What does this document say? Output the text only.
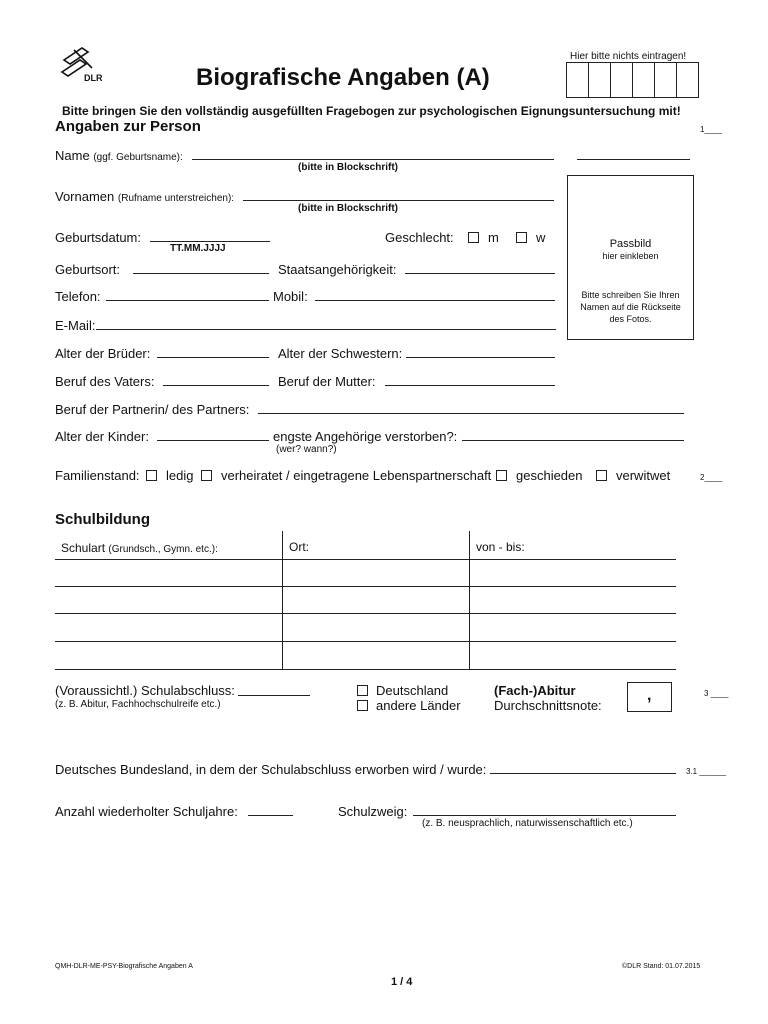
DLR	Biografische Angaben (A)
Hier bitte nichts eintragen!
Bitte bringen Sie den vollständig ausgefüllten Fragebogen zur psychologischen Eignungsuntersuchung mit!
Angaben zur Person	1____
Name (ggf. Geburtsname):
(bitte in Blockschrift)
Vornamen (Rufname unterstreichen):
(bitte in Blockschrift)
Passbild
hier einkleben
Bitte schreiben Sie Ihren Namen auf die Rückseite des Fotos.
Geburtsdatum:
TT.MM.JJJJ
Geschlecht:	m	w
Geburtsort:	Staatsangehörigkeit:
Telefon:	Mobil:
E-Mail:
Alter der Brüder:	Alter der Schwestern:
Beruf des Vaters:	Beruf der Mutter:
Beruf der Partnerin/ des Partners:
Alter der Kinder:	engste Angehörige verstorben?:
(wer? wann?)
Familienstand: ledig verheiratet / eingetragene Lebenspartnerschaft geschieden	verwitwet	2____
Schulbildung
Schulart (Grundsch., Gymn. etc.):	Ort:	von - bis:
(Voraussichtl.) Schulabschluss:
(z. B. Abitur, Fachhochschulreife etc.)
Deutschland
andere Länder
(Fach-)Abitur
Durchschnittsnote:
,	3 ____
Deutsches Bundesland, in dem der Schulabschluss erworben wird / wurde:	3.1 ______
Anzahl wiederholter Schuljahre:	Schulzweig:
(z. B. neusprachlich, naturwissenschaftlich etc.)
QMH-DLR-ME-PSY-Biografische Angaben A	©DLR Stand: 01.07.2015
1 / 4
